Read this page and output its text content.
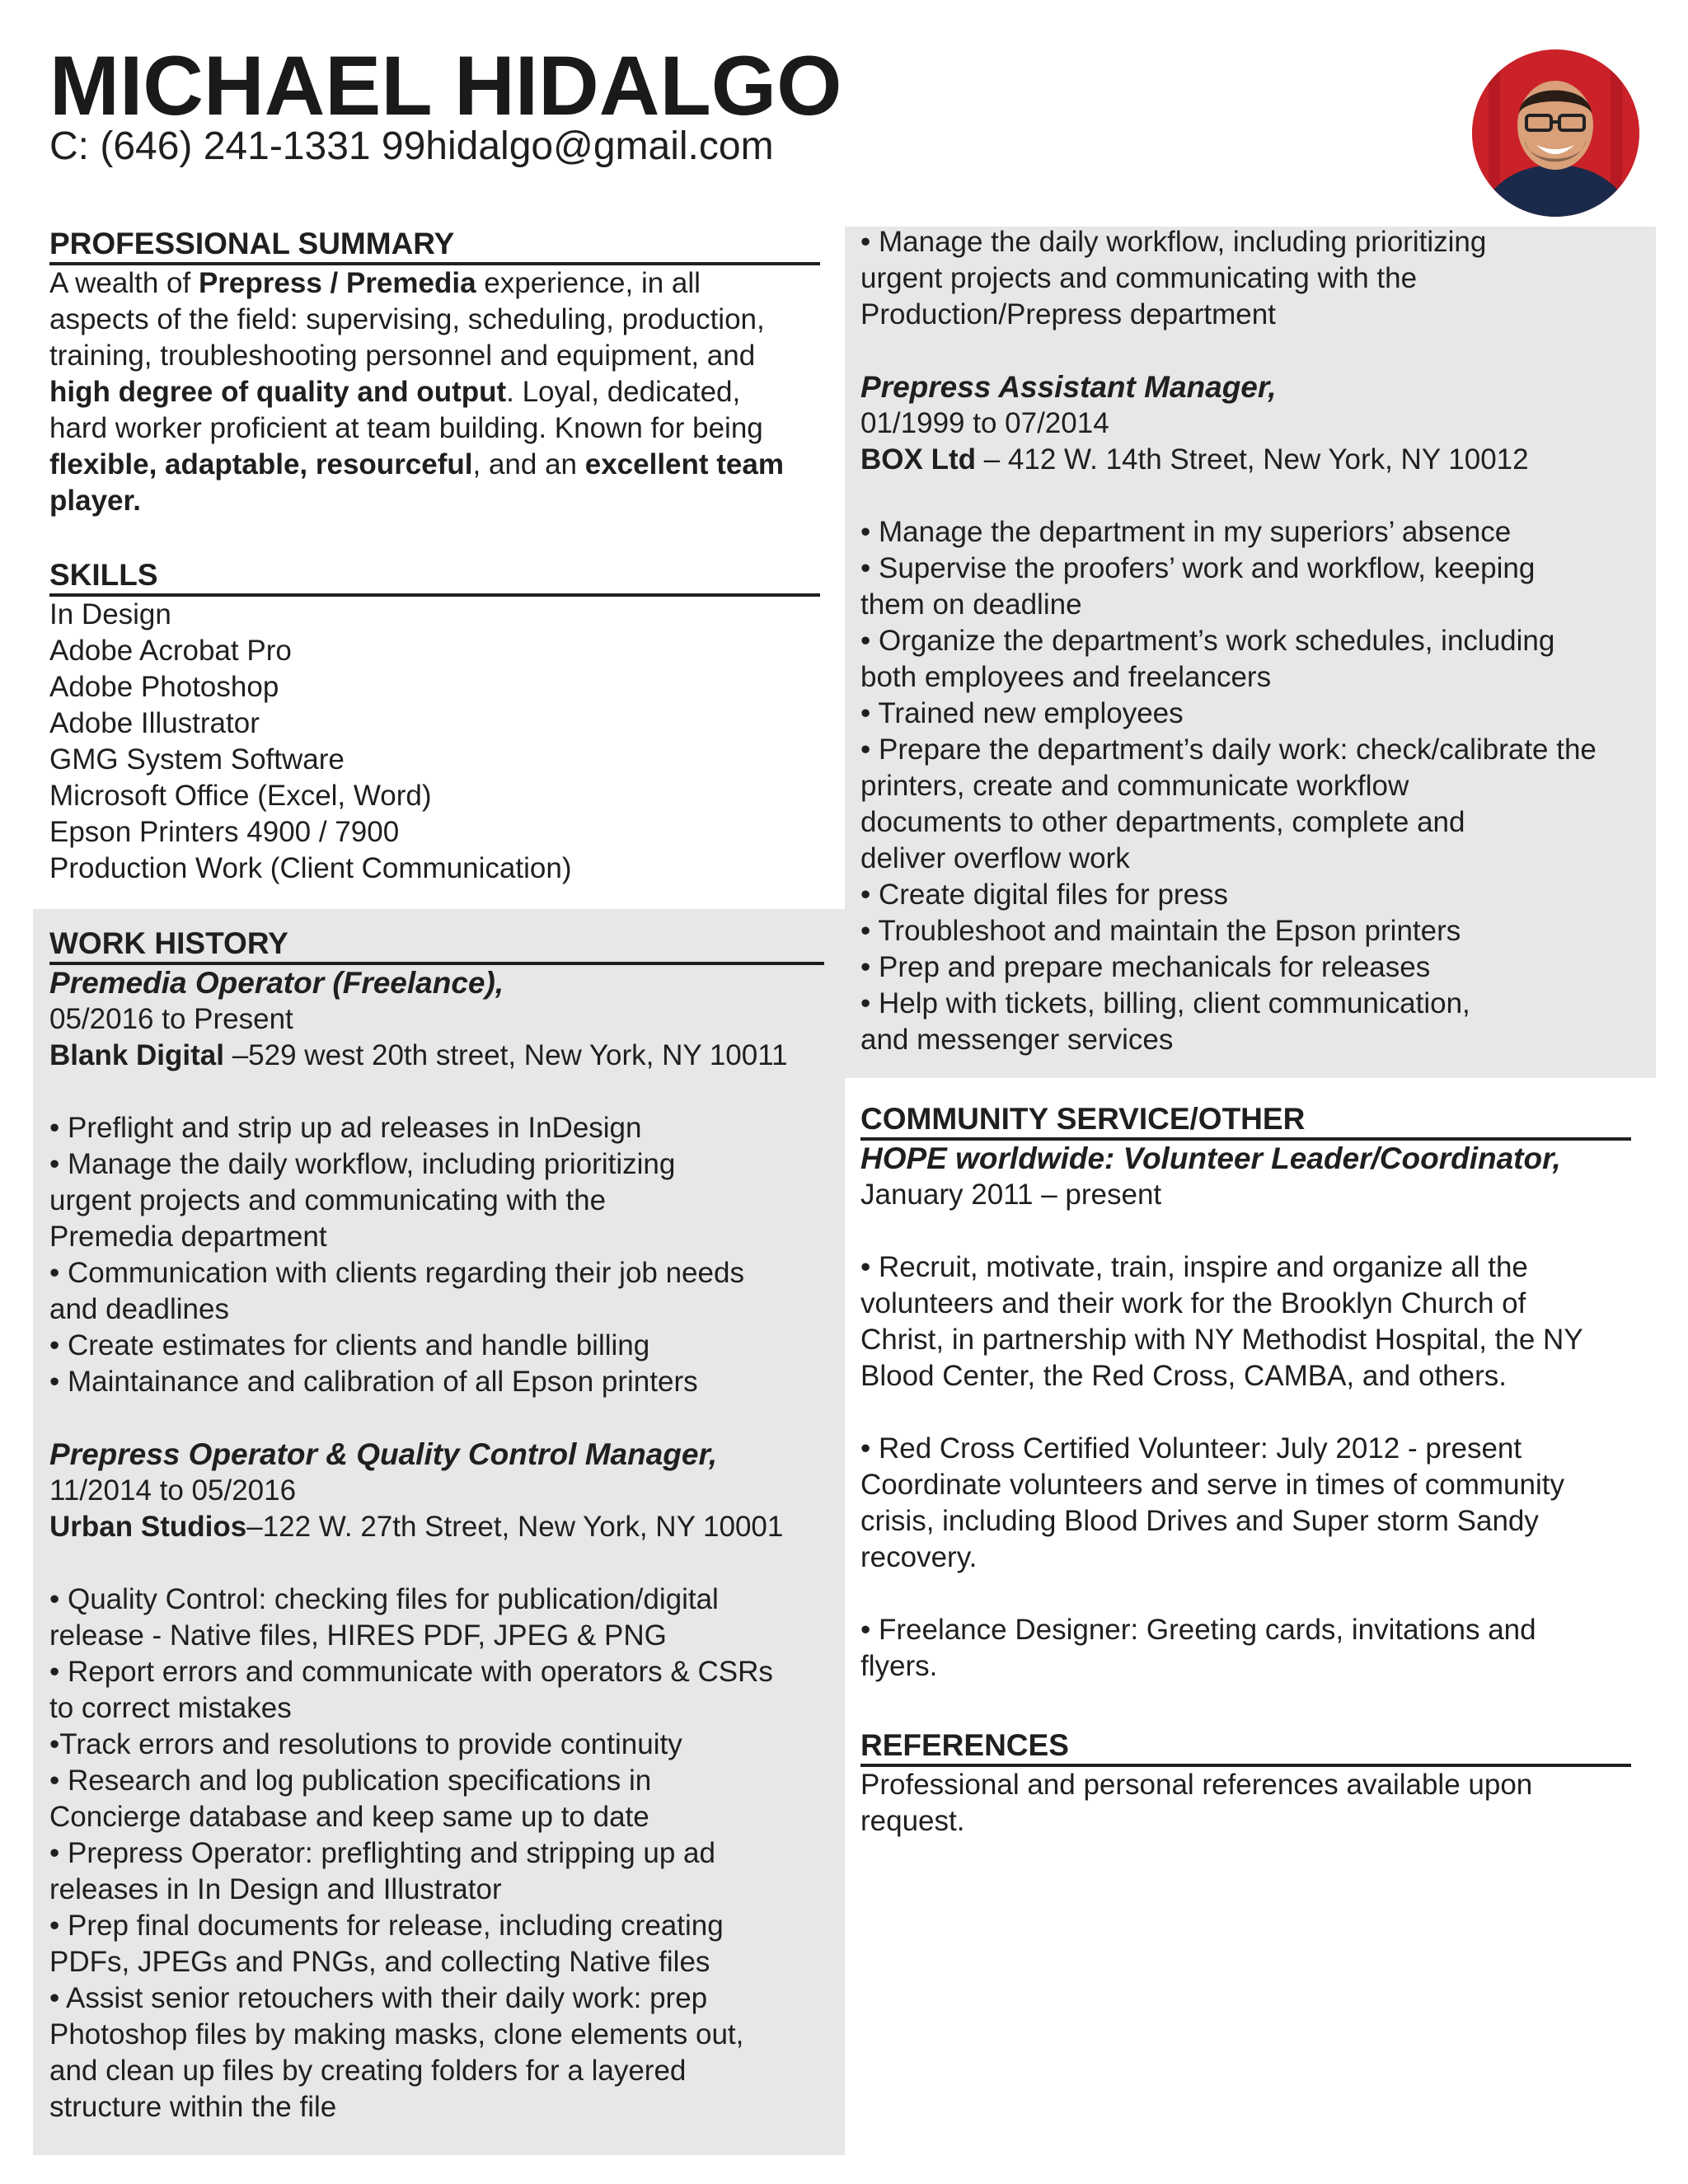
MICHAEL HIDALGO
C: (646) 241-1331 99hidalgo@gmail.com
PROFESSIONAL SUMMARY
A wealth of Prepress / Premedia experience, in all
aspects of the field: supervising, scheduling, production,
training, troubleshooting personnel and equipment, and
high degree of quality and output. Loyal, dedicated,
hard worker proficient at team building. Known for being
flexible, adaptable, resourceful, and an excellent team
player.
SKILLS
In Design
Adobe Acrobat Pro
Adobe Photoshop
Adobe Illustrator
GMG System Software
Microsoft Office (Excel, Word)
Epson Printers 4900 / 7900
Production Work (Client Communication)
WORK HISTORY
Premedia Operator (Freelance),
05/2016 to Present
Blank Digital –529 west 20th street, New York, NY 10011
• Preflight and strip up ad releases in InDesign
• Manage the daily workflow, including prioritizing
urgent projects and communicating with the
Premedia department
• Communication with clients regarding their job needs
and deadlines
• Create estimates for clients and handle billing
• Maintainance and calibration of all Epson printers
Prepress Operator & Quality Control Manager,
11/2014 to 05/2016
Urban Studios–122 W. 27th Street, New York, NY 10001
• Quality Control: checking files for publication/digital
release - Native files, HIRES PDF, JPEG & PNG
• Report errors and communicate with operators & CSRs
to correct mistakes
•Track errors and resolutions to provide continuity
• Research and log publication specifications in
Concierge database and keep same up to date
• Prepress Operator: preflighting and stripping up ad
releases in In Design and Illustrator
• Prep final documents for release, including creating
PDFs, JPEGs and PNGs, and collecting Native files
• Assist senior retouchers with their daily work: prep
Photoshop files by making masks, clone elements out,
and clean up files by creating folders for a layered
structure within the file
• Manage the daily workflow, including prioritizing
urgent projects and communicating with the
Production/Prepress department
Prepress Assistant Manager,
01/1999 to 07/2014
BOX Ltd – 412 W. 14th Street, New York, NY 10012
• Manage the department in my superiors’ absence
• Supervise the proofers’ work and workflow, keeping
them on deadline
• Organize the department’s work schedules, including
both employees and freelancers
• Trained new employees
• Prepare the department’s daily work: check/calibrate the
printers, create and communicate workflow
documents to other departments, complete and
deliver overflow work
• Create digital files for press
• Troubleshoot and maintain the Epson printers
• Prep and prepare mechanicals for releases
• Help with tickets, billing, client communication,
and messenger services
COMMUNITY SERVICE/OTHER
HOPE worldwide: Volunteer Leader/Coordinator,
January 2011 – present
• Recruit, motivate, train, inspire and organize all the
volunteers and their work for the Brooklyn Church of
Christ, in partnership with NY Methodist Hospital, the NY
Blood Center, the Red Cross, CAMBA, and others.
• Red Cross Certified Volunteer: July 2012 - present
Coordinate volunteers and serve in times of community
crisis, including Blood Drives and Super storm Sandy
recovery.
• Freelance Designer: Greeting cards, invitations and
flyers.
REFERENCES
Professional and personal references available upon
request.
